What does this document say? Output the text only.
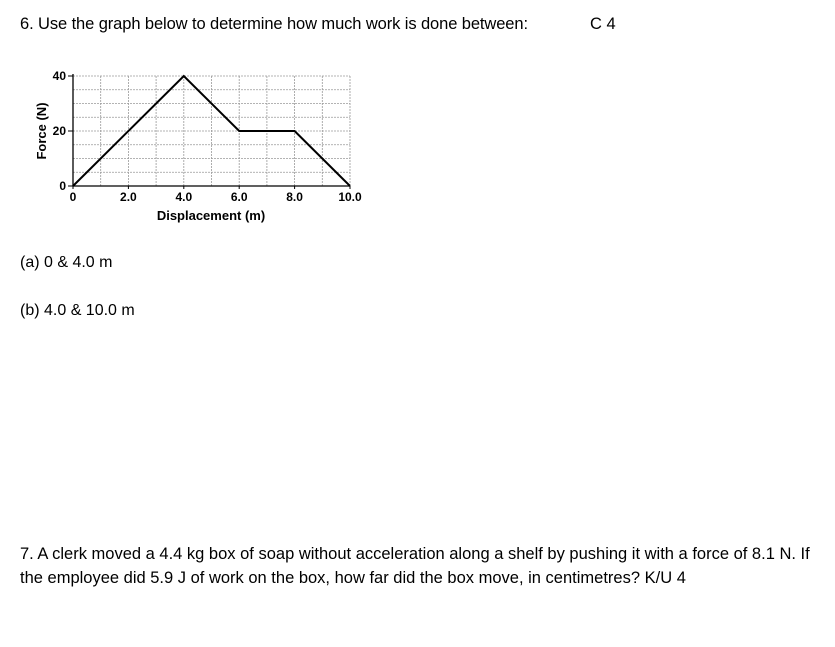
6. Use the graph below to determine how much work is done between:	C 4
0
20
40
0	2.0	4.0	6.0	8.0	10.0
Displacement (m)
Force (N)
(a) 0 & 4.0 m
(b) 4.0 & 10.0 m
7. A clerk moved a 4.4 kg box of soap without acceleration along a shelf by pushing it with a force of 8.1 N. If the employee did 5.9 J of work on the box, how far did the box move, in centimetres? K/U 4
